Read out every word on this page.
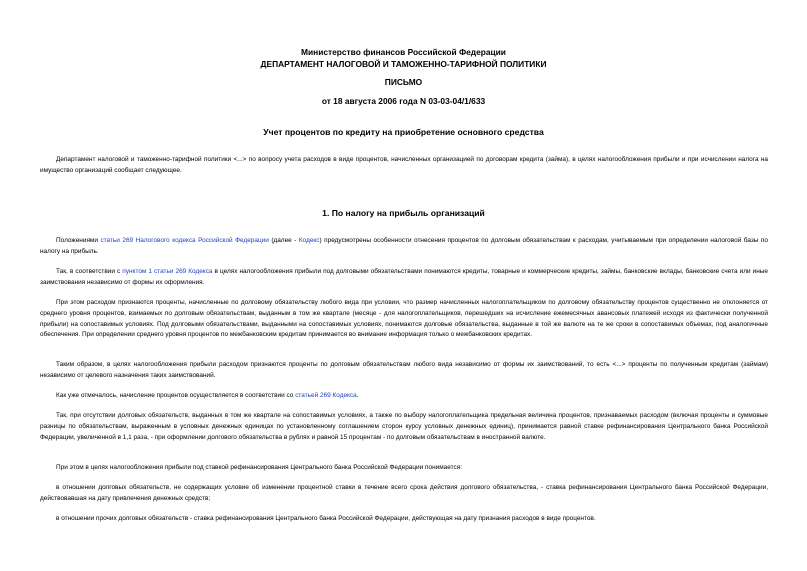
Министерство финансов Российской Федерации
ДЕПАРТАМЕНТ НАЛОГОВОЙ И ТАМОЖЕННО-ТАРИФНОЙ ПОЛИТИКИ
ПИСЬМО
от 18 августа 2006 года N 03-03-04/1/633
Учет процентов по кредиту на приобретение основного средства
Департамент налоговой и таможенно-тарифной политики <...> по вопросу учета расходов в виде процентов, начисленных организацией по договорам кредита (займа), в целях налогообложения прибыли и при исчислении налога на имущество организаций сообщает следующее.
1. По налогу на прибыль организаций
Положениями статьи 269 Налогового кодекса Российской Федерации (далее - Кодекс) предусмотрены особенности отнесения процентов по долговым обязательствам к расходам, учитываемым при определении налоговой базы по налогу на прибыль.
Так, в соответствии с пунктом 1 статьи 269 Кодекса в целях налогообложения прибыли под долговыми обязательствами понимаются кредиты, товарные и коммерческие кредиты, займы, банковские вклады, банковские счета или иные заимствования независимо от формы их оформления.
При этом расходом признаются проценты, начисленные по долговому обязательству любого вида при условии, что размер начисленных налогоплательщиком по долговому обязательству процентов существенно не отклоняется от среднего уровня процентов, взимаемых по долговым обязательствам, выданным в том же квартале (месяце - для налогоплательщиков, перешедших на исчисление ежемесячных авансовых платежей исходя из фактически полученной прибыли) на сопоставимых условиях. Под долговыми обязательствами, выданными на сопоставимых условиях, понимаются долговые обязательства, выданные в той же валюте на те же сроки в сопоставимых объемах, под аналогичные обеспечения. При определении среднего уровня процентов по межбанковским кредитам принимается во внимание информация только о межбанковских кредитах.
Таким образом, в целях налогообложения прибыли расходом признаются проценты по долговым обязательствам любого вида независимо от формы их заимствований, то есть <...> проценты по полученным кредитам (займам) независимо от целевого назначения таких заимствований.
Как уже отмечалось, начисление процентов осуществляется в соответствии со статьей 269 Кодекса.
Так, при отсутствии долговых обязательств, выданных в том же квартале на сопоставимых условиях, а также по выбору налогоплательщика предельная величина процентов, признаваемых расходом (включая проценты и суммовые разницы по обязательствам, выраженным в условных денежных единицах по установленному соглашением сторон курсу условных денежных единиц), принимается равной ставке рефинансирования Центрального банка Российской Федерации, увеличенной в 1,1 раза, - при оформлении долгового обязательства в рублях и равной 15 процентам - по долговым обязательствам в иностранной валюте.
При этом в целях налогообложения прибыли под ставкой рефинансирования Центрального банка Российской Федерации понимается:
в отношении долговых обязательств, не содержащих условие об изменении процентной ставки в течение всего срока действия долгового обязательства, - ставка рефинансирования Центрального банка Российской Федерации, действовавшая на дату привлечения денежных средств;
в отношении прочих долговых обязательств - ставка рефинансирования Центрального банка Российской Федерации, действующая на дату признания расходов в виде процентов.
